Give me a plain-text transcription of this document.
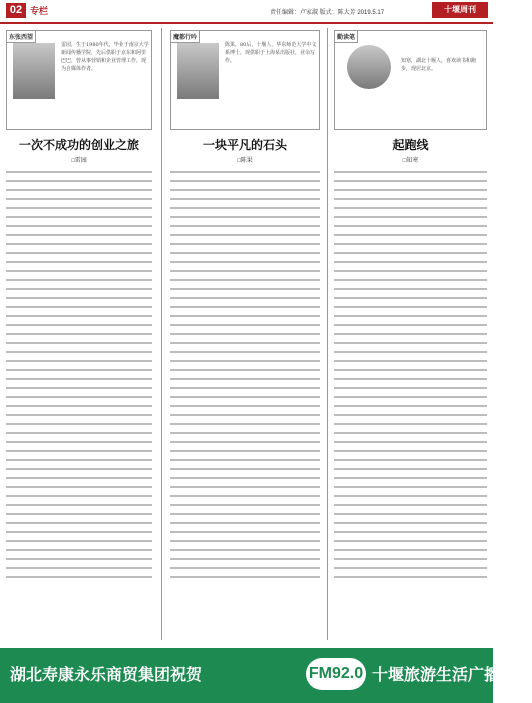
02 专栏	责任编辑：卢家淑 版式：陈大芳 2019.5.17	十堰周刊
东张西望
雷园，生于1980年代，毕业于南京大学新闻传播学院，先后供职于京东和阿里巴巴，曾从事营销和企业管理工作，现为自媒体作者。
一次不成功的创业之旅
□雷园
魔都行吟
陈果，80后，十堰人，华东师范大学中文系博士，现供职于上海某出版社，业余写作。
一块平凡的石头
□陈果
勤读笔
知寒，湖北十堰人，喜欢读书和跑步，现居北京。
起跑线
□知寒
湖北寿康永乐商贸集团祝贺	FM92.0 十堰旅游生活广播开播
